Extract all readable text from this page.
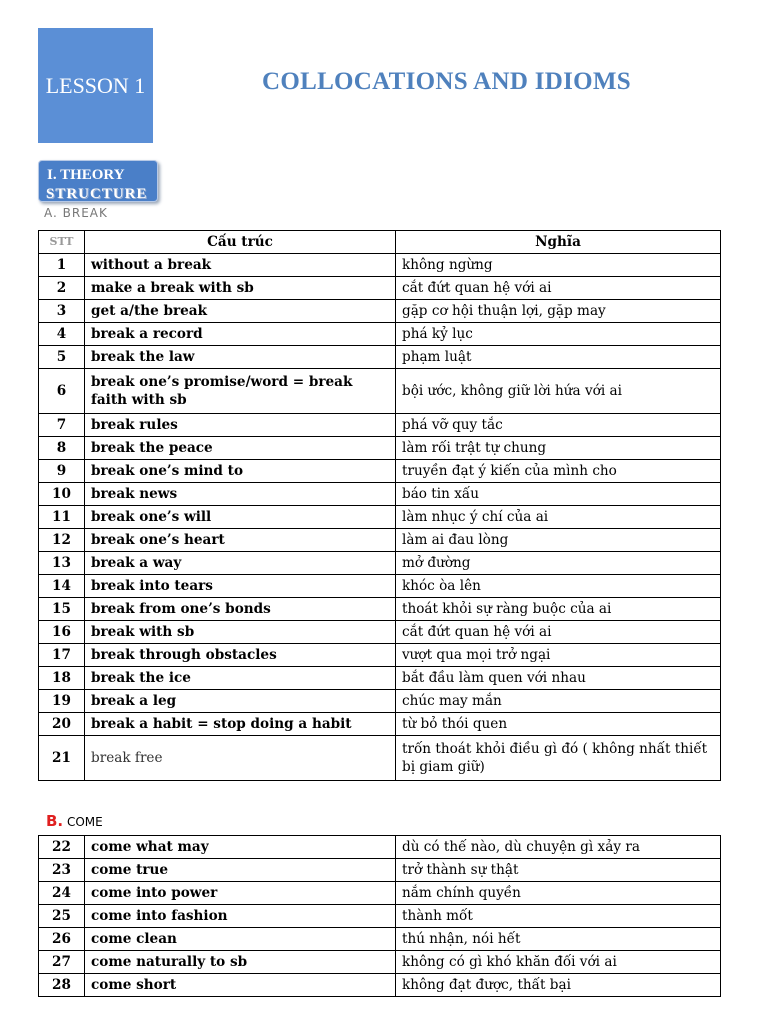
LESSON 1	COLLOCATIONS AND IDIOMS
I. THEORY
STRUCTURE
A. BREAK
STT	Cấu trúc	Nghĩa
1	without a break	không ngừng
2	make a break with sb	cắt đứt quan hệ với ai
3	get a/the break	gặp cơ hội thuận lợi, gặp may
4	break a record	phá kỷ lục
5	break the law	phạm luật
6	break one’s promise/word = break faith with sb	bội ước, không giữ lời hứa với ai
7	break rules	phá vỡ quy tắc
8	break the peace	làm rối trật tự chung
9	break one’s mind to	truyền đạt ý kiến của mình cho
10	break news	báo tin xấu
11	break one’s will	làm nhục ý chí của ai
12	break one’s heart	làm ai đau lòng
13	break a way	mở đường
14	break into tears	khóc òa lên
15	break from one’s bonds	thoát khỏi sự ràng buộc của ai
16	break with sb	cắt đứt quan hệ với ai
17	break through obstacles	vượt qua mọi trở ngại
18	break the ice	bắt đầu làm quen với nhau
19	break a leg	chúc may mắn
20	break a habit = stop doing a habit	từ bỏ thói quen
21	break free	trốn thoát khỏi điều gì đó ( không nhất thiết bị giam giữ)
B. COME
22	come what may	dù có thế nào, dù chuyện gì xảy ra
23	come true	trở thành sự thật
24	come into power	nắm chính quyền
25	come into fashion	thành mốt
26	come clean	thú nhận, nói hết
27	come naturally to sb	không có gì khó khăn đối với ai
28	come short	không đạt được, thất bại
